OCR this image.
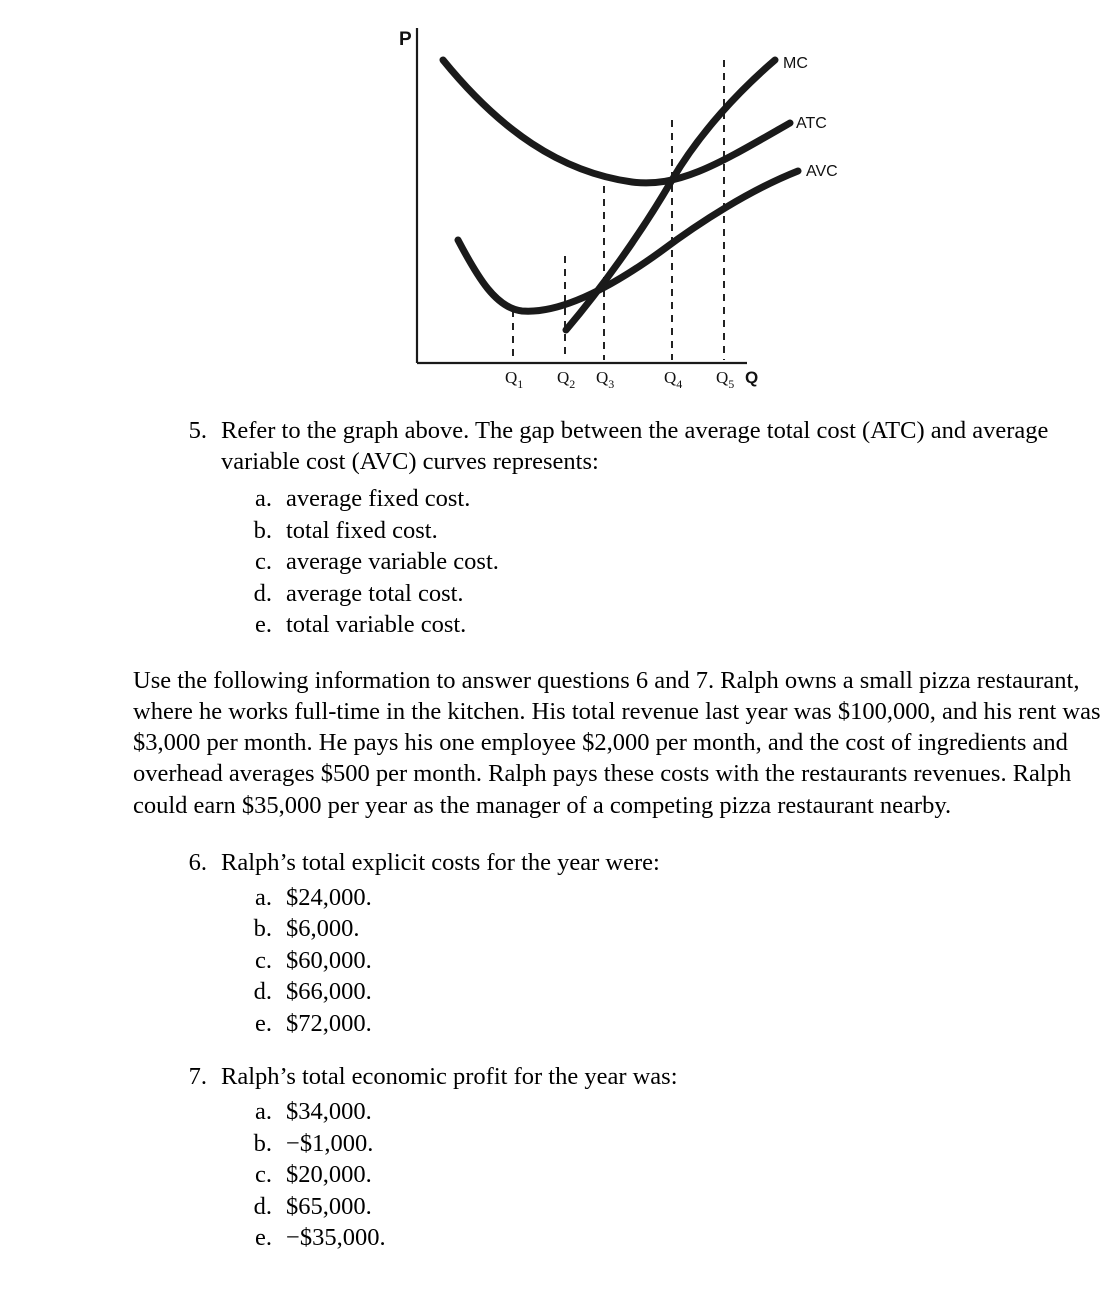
MC
ATC
AVC
P
$Q_1$ $Q_2$ $Q_3$	$Q_4$ $Q_5$ Q
5. Refer to the graph above. The gap between the average total cost (ATC) and average variable cost (AVC) curves represents:
a. average fixed cost.
b. total fixed cost.
c. average variable cost.
d. average total cost.
e. total variable cost.

Use the following information to answer questions 6 and 7. Ralph owns a small pizza restaurant, where he works full-time in the kitchen. His total revenue last year was $100,000, and his rent was $3,000 per month. He pays his one employee $2,000 per month, and the cost of ingredients and overhead averages $500 per month. Ralph pays these costs with the restaurants revenues. Ralph could earn $35,000 per year as the manager of a competing pizza restaurant nearby.

6. Ralph’s total explicit costs for the year were:
a. $24,000.
b. $6,000.
c. $60,000.
d. $66,000.
e. $72,000.
7. Ralph’s total economic profit for the year was:
a. $34,000.
b. −$1,000.
c. $20,000.
d. $65,000.
e. −$35,000.
